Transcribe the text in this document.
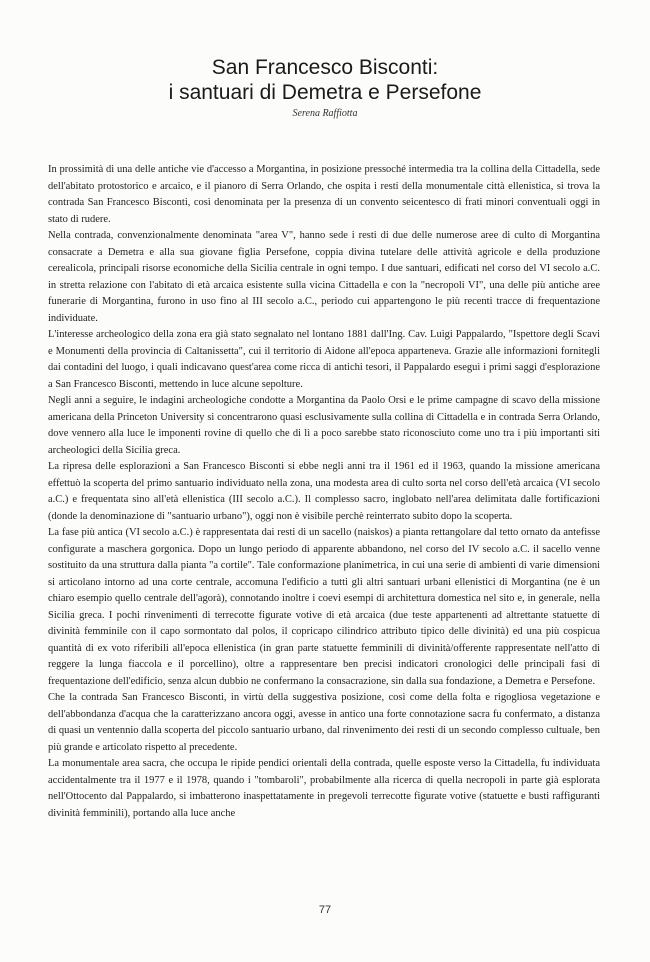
San Francesco Bisconti:
i santuari di Demetra e Persefone
Serena Raffiotta

In prossimità di una delle antiche vie d'accesso a Morgantina, in posizione pressoché intermedia tra la collina della Cittadella, sede dell'abitato protostorico e arcaico, e il pianoro di Serra Orlando, che ospita i resti della monumentale città ellenistica, si trova la contrada San Francesco Bisconti, così denominata per la presenza di un convento seicentesco di frati minori conventuali oggi in stato di rudere.

Nella contrada, convenzionalmente denominata "area V", hanno sede i resti di due delle numerose aree di culto di Morgantina consacrate a Demetra e alla sua giovane figlia Persefone, coppia divina tutelare delle attività agricole e della produzione cerealicola, principali risorse economiche della Sicilia centrale in ogni tempo. I due santuari, edificati nel corso del VI secolo a.C. in stretta relazione con l'abitato di età arcaica esistente sulla vicina Cittadella e con la "necropoli VI", una delle più antiche aree funerarie di Morgantina, furono in uso fino al III secolo a.C., periodo cui appartengono le più recenti tracce di frequentazione individuate.

L'interesse archeologico della zona era già stato segnalato nel lontano 1881 dall'Ing. Cav. Luigi Pappalardo, "Ispettore degli Scavi e Monumenti della provincia di Caltanissetta", cui il territorio di Aidone all'epoca apparteneva. Grazie alle informazioni fornitegli dai contadini del luogo, i quali indicavano quest'area come ricca di antichi tesori, il Pappalardo eseguì i primi saggi d'esplorazione a San Francesco Bisconti, mettendo in luce alcune sepolture.

Negli anni a seguire, le indagini archeologiche condotte a Morgantina da Paolo Orsi e le prime campagne di scavo della missione americana della Princeton University si concentrarono quasi esclusivamente sulla collina di Cittadella e in contrada Serra Orlando, dove vennero alla luce le imponenti rovine di quello che di lì a poco sarebbe stato riconosciuto come uno tra i più importanti siti archeologici della Sicilia greca.

La ripresa delle esplorazioni a San Francesco Bisconti si ebbe negli anni tra il 1961 ed il 1963, quando la missione americana effettuò la scoperta del primo santuario individuato nella zona, una modesta area di culto sorta nel corso dell'età arcaica (VI secolo a.C.) e frequentata sino all'età ellenistica (III secolo a.C.). Il complesso sacro, inglobato nell'area delimitata dalle fortificazioni (donde la denominazione di "santuario urbano"), oggi non è visibile perchè reinterrato subito dopo la scoperta.

La fase più antica (VI secolo a.C.) è rappresentata dai resti di un sacello (naiskos) a pianta rettangolare dal tetto ornato da antefisse configurate a maschera gorgonica. Dopo un lungo periodo di apparente abbandono, nel corso del IV secolo a.C. il sacello venne sostituito da una struttura dalla pianta "a cortile". Tale conformazione planimetrica, in cui una serie di ambienti di varie dimensioni si articolano intorno ad una corte centrale, accomuna l'edificio a tutti gli altri santuari urbani ellenistici di Morgantina (ne è un chiaro esempio quello centrale dell'agorà), connotando inoltre i coevi esempi di architettura domestica nel sito e, in generale, nella Sicilia greca. I pochi rinvenimenti di terrecotte figurate votive di età arcaica (due teste appartenenti ad altrettante statuette di divinità femminile con il capo sormontato dal polos, il copricapo cilindrico attributo tipico delle divinità) ed una più cospicua quantità di ex voto riferibili all'epoca ellenistica (in gran parte statuette femminili di divinità/offerente rappresentate nell'atto di reggere la lunga fiaccola e il porcellino), oltre a rappresentare ben precisi indicatori cronologici delle principali fasi di frequentazione dell'edificio, senza alcun dubbio ne confermano la consacrazione, sin dalla sua fondazione, a Demetra e Persefone.

Che la contrada San Francesco Bisconti, in virtù della suggestiva posizione, così come della folta e rigogliosa vegetazione e dell'abbondanza d'acqua che la caratterizzano ancora oggi, avesse in antico una forte connotazione sacra fu confermato, a distanza di quasi un ventennio dalla scoperta del piccolo santuario urbano, dal rinvenimento dei resti di un secondo complesso cultuale, ben più grande e articolato rispetto al precedente.

La monumentale area sacra, che occupa le ripide pendici orientali della contrada, quelle esposte verso la Cittadella, fu individuata accidentalmente tra il 1977 e il 1978, quando i "tombaroli", probabilmente alla ricerca di quella necropoli in parte già esplorata nell'Ottocento dal Pappalardo, si imbatterono inaspettatamente in pregevoli terrecotte figurate votive (statuette e busti raffiguranti divinità femminili), portando alla luce anche

77
